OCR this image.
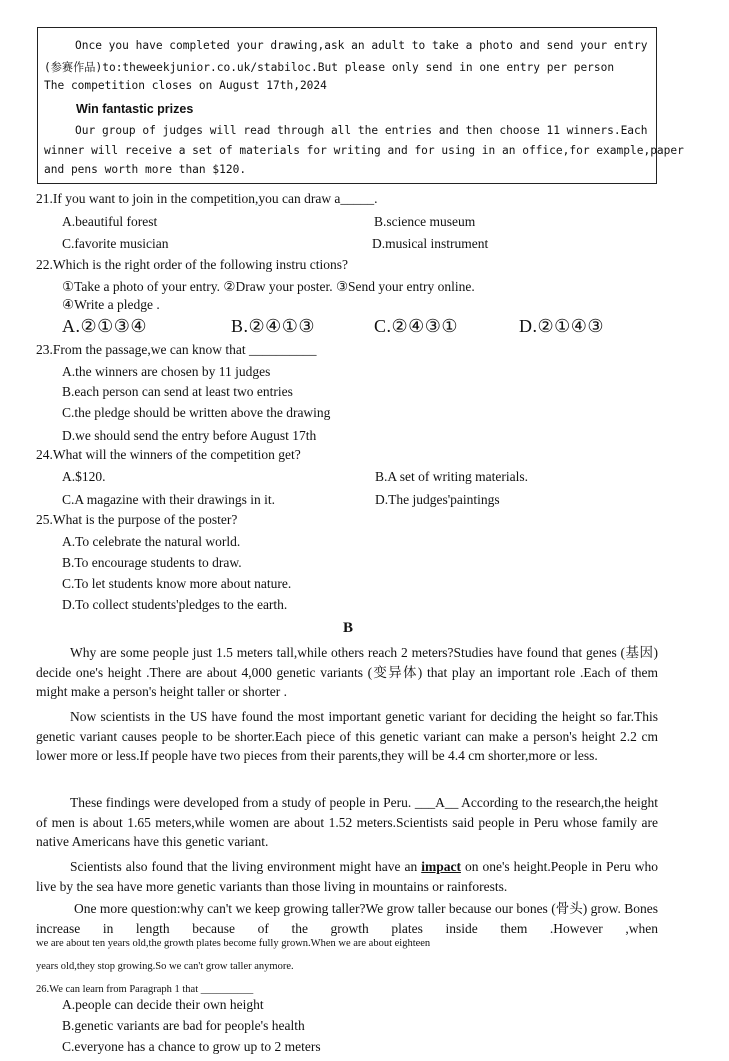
Once you have completed your drawing,ask an adult to take a photo and send your entry
(参赛作品)to:theweekjunior.co.uk/stabiloc.But please only send in one entry per person
The competition closes on August 17th,2024
Win fantastic prizes
Our group of judges will read through all the entries and then choose 11 winners.Each
winner will receive a set of materials for writing and for using in an office,for example,paper
and pens worth more than $120.
21.If you want to join in the competition,you can draw a_____.
A.beautiful forest	B.science museum
C.favorite musician	D.musical instrument
22.Which is the right order of the following instru ctions?
①Take a photo of your entry. ②Draw your poster. ③Send your entry online.
④Write a pledge .
A.②①③④	B.②④①③	C.②④③①	D.②①④③
23.From the passage,we can know that __________
A.the winners are chosen by 11 judges
B.each person can send at least two entries
C.the pledge should be written above the drawing
D.we should send the entry before August 17th
24.What will the winners of the competition get?
A.$120.	B.A set of writing materials.
C.A magazine with their drawings in it.	D.The judges'paintings
25.What is the purpose of the poster?
A.To celebrate the natural world.
B.To encourage students to draw.
C.To let students know more about nature.
D.To collect students'pledges to the earth.
B
Why are some people just 1.5 meters tall,while others reach 2 meters?Studies have found that genes (基因) decide one's height .There are about 4,000 genetic variants (变异体) that play an important role .Each of them might make a person's height taller or shorter .
Now scientists in the US have found the most important genetic variant for deciding the height so far.This genetic variant causes people to be shorter.Each piece of this genetic variant can make a person's height 2.2 cm lower more or less.If people have two pieces from their parents,they will be 4.4 cm shorter,more or less.
These findings were developed from a study of people in Peru. ___A__ According to the research,the height of men is about 1.65 meters,while women are about 1.52 meters.Scientists said people in Peru whose family are native Americans have this genetic variant.
Scientists also found that the living environment might have an impact on one's height.People in Peru who live by the sea have more genetic variants than those living in mountains or rainforests.
One more question:why can't we keep growing taller?We grow taller because our bones (骨头) grow. Bones increase in length because of the growth plates inside them .However ,when
we are about ten years old,the growth plates become fully grown.When we are about eighteen
years old,they stop growing.So we can't grow taller anymore.
26.We can learn from Paragraph 1 that __________
A.people can decide their own height
B.genetic variants are bad for people's health
C.everyone has a chance to grow up to 2 meters
